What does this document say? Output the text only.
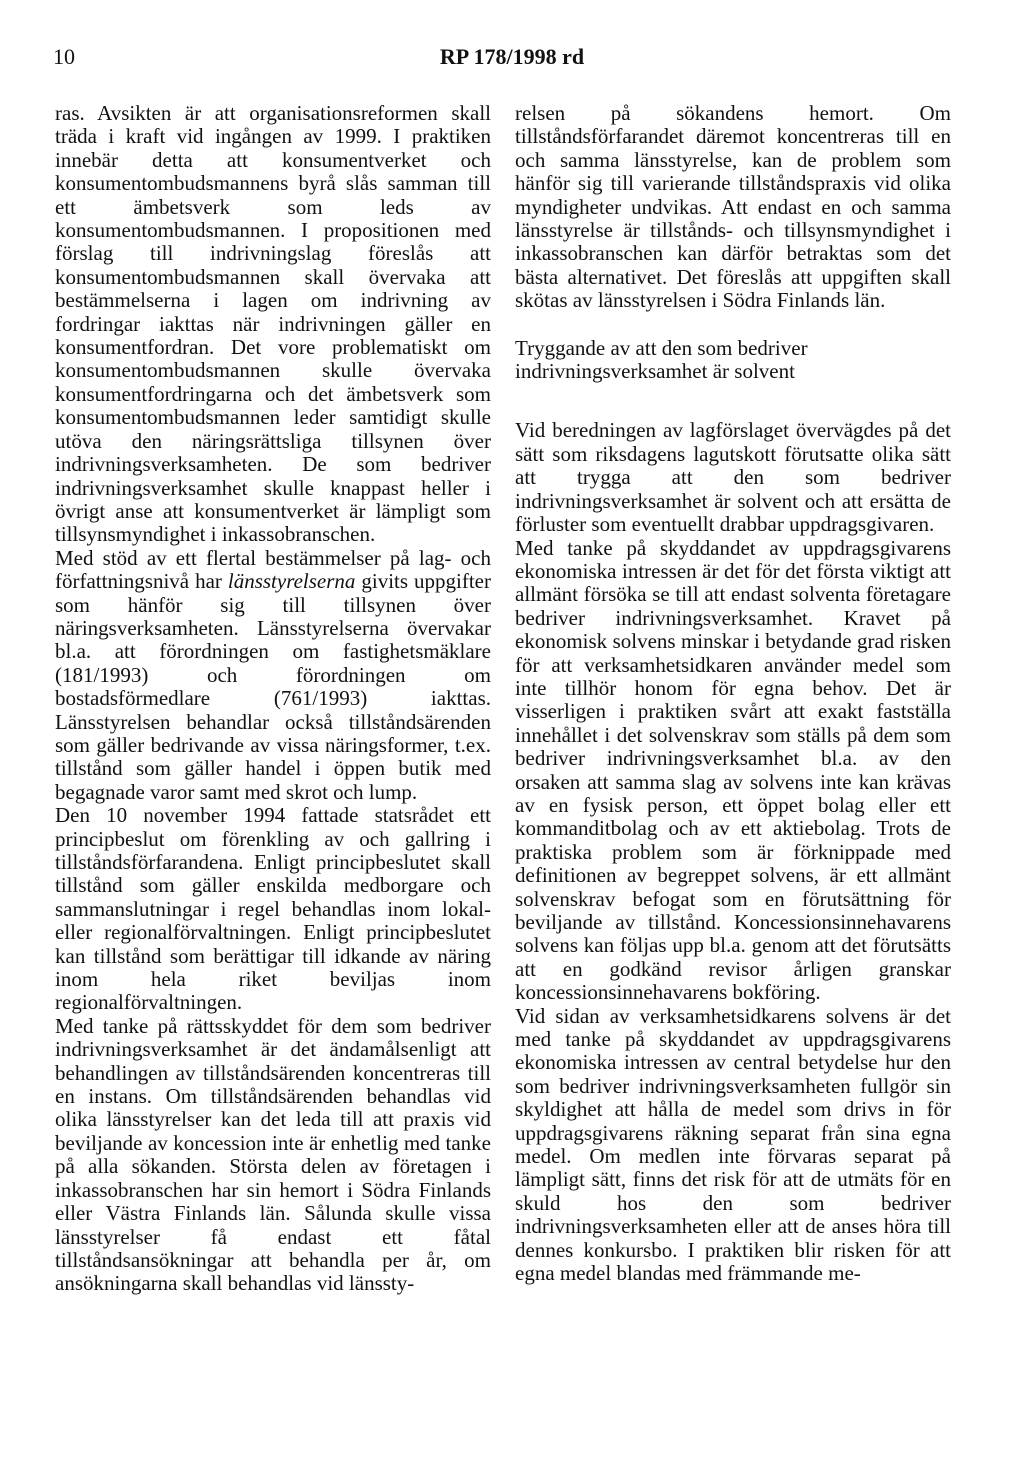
10	RP 178/1998 rd

ras. Avsikten är att organisationsreformen skall träda i kraft vid ingången av 1999. I praktiken innebär detta att konsumentverket och konsumentombudsmannens byrå slås samman till ett ämbetsverk som leds av konsumentombudsmannen. I propositionen med förslag till indrivningslag föreslås att konsumentombudsmannen skall övervaka att bestämmelserna i lagen om indrivning av fordringar iakttas när indrivningen gäller en konsumentfordran. Det vore problematiskt om konsumentombudsmannen skulle övervaka konsumentfordringarna och det ämbetsverk som konsumentombudsmannen leder samtidigt skulle utöva den näringsrättsliga tillsynen över indrivningsverksamheten. De som bedriver indrivningsverksamhet skulle knappast heller i övrigt anse att konsumentverket är lämpligt som tillsynsmyndighet i inkassobranschen.

Med stöd av ett flertal bestämmelser på lag- och författningsnivå har länsstyrelserna givits uppgifter som hänför sig till tillsynen över näringsverksamheten. Länsstyrelserna övervakar bl.a. att förordningen om fastighetsmäklare (181/1993) och förordningen om bostadsförmedlare (761/1993) iakttas. Länsstyrelsen behandlar också tillståndsärenden som gäller bedrivande av vissa näringsformer, t.ex. tillstånd som gäller handel i öppen butik med begagnade varor samt med skrot och lump.

Den 10 november 1994 fattade statsrådet ett principbeslut om förenkling av och gallring i tillståndsförfarandena. Enligt principbeslutet skall tillstånd som gäller enskilda medborgare och sammanslutningar i regel behandlas inom lokal- eller regionalförvaltningen. Enligt principbeslutet kan tillstånd som berättigar till idkande av näring inom hela riket beviljas inom regionalförvaltningen.

Med tanke på rättsskyddet för dem som bedriver indrivningsverksamhet är det ändamålsenligt att behandlingen av tillståndsärenden koncentreras till en instans. Om tillståndsärenden behandlas vid olika länsstyrelser kan det leda till att praxis vid beviljande av koncession inte är enhetlig med tanke på alla sökanden. Största delen av företagen i inkassobranschen har sin hemort i Södra Finlands eller Västra Finlands län. Sålunda skulle vissa länsstyrelser få endast ett fåtal tillståndsansökningar att behandla per år, om ansökningarna skall behandlas vid länssty-

relsen på sökandens hemort. Om tillståndsförfarandet däremot koncentreras till en och samma länsstyrelse, kan de problem som hänför sig till varierande tillståndspraxis vid olika myndigheter undvikas. Att endast en och samma länsstyrelse är tillstånds- och tillsynsmyndighet i inkassobranschen kan därför betraktas som det bästa alternativet. Det föreslås att uppgiften skall skötas av länsstyrelsen i Södra Finlands län.

Tryggande av att den som bedriver indrivningsverksamhet är solvent

Vid beredningen av lagförslaget övervägdes på det sätt som riksdagens lagutskott förutsatte olika sätt att trygga att den som bedriver indrivningsverksamhet är solvent och att ersätta de förluster som eventuellt drabbar uppdragsgivaren.

Med tanke på skyddandet av uppdragsgivarens ekonomiska intressen är det för det första viktigt att allmänt försöka se till att endast solventa företagare bedriver indrivningsverksamhet. Kravet på ekonomisk solvens minskar i betydande grad risken för att verksamhetsidkaren använder medel som inte tillhör honom för egna behov. Det är visserligen i praktiken svårt att exakt fastställa innehållet i det solvenskrav som ställs på dem som bedriver indrivningsverksamhet bl.a. av den orsaken att samma slag av solvens inte kan krävas av en fysisk person, ett öppet bolag eller ett kommanditbolag och av ett aktiebolag. Trots de praktiska problem som är förknippade med definitionen av begreppet solvens, är ett allmänt solvenskrav befogat som en förutsättning för beviljande av tillstånd. Koncessionsinnehavarens solvens kan följas upp bl.a. genom att det förutsätts att en godkänd revisor årligen granskar koncessionsinnehavarens bokföring.

Vid sidan av verksamhetsidkarens solvens är det med tanke på skyddandet av uppdragsgivarens ekonomiska intressen av central betydelse hur den som bedriver indrivningsverksamheten fullgör sin skyldighet att hålla de medel som drivs in för uppdragsgivarens räkning separat från sina egna medel. Om medlen inte förvaras separat på lämpligt sätt, finns det risk för att de utmäts för en skuld hos den som bedriver indrivningsverksamheten eller att de anses höra till dennes konkursbo. I praktiken blir risken för att egna medel blandas med främmande me-
